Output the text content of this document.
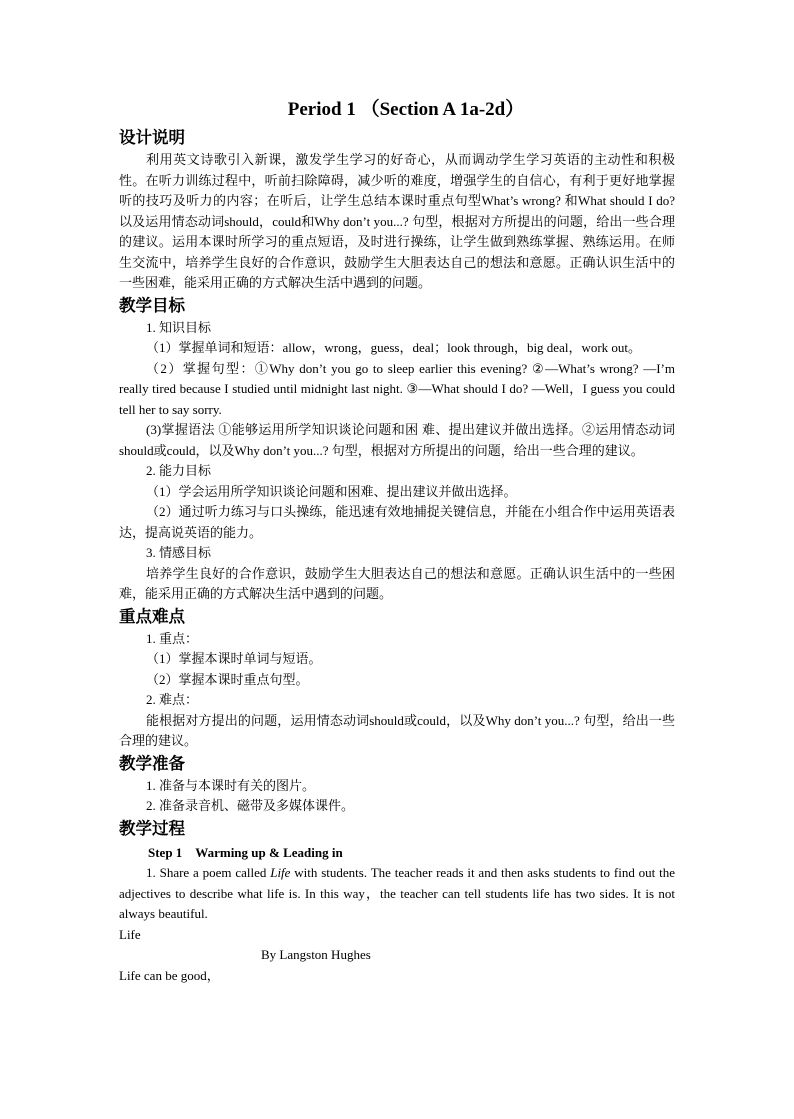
Period 1 （Section A 1a-2d）

设计说明

利用英文诗歌引入新课，激发学生学习的好奇心，从而调动学生学习英语的主动性和积极性。在听力训练过程中，听前扫除障碍，减少听的难度，增强学生的自信心，有利于更好地掌握听的技巧及听力的内容；在听后，让学生总结本课时重点句型What’s wrong? 和What should I do? 以及运用情态动词should，could和Why don’t you...? 句型，根据对方所提出的问题，给出一些合理的建议。运用本课时所学习的重点短语，及时进行操练，让学生做到熟练掌握、熟练运用。在师生交流中，培养学生良好的合作意识，鼓励学生大胆表达自己的想法和意愿。正确认识生活中的一些困难，能采用正确的方式解决生活中遇到的问题。

教学目标

1. 知识目标

（1）掌握单词和短语：allow，wrong，guess，deal；look through，big deal，work out。

（2）掌握句型：①Why don’t you go to sleep earlier this evening? ②—What’s wrong? —I’m really tired because I studied until midnight last night. ③—What should I do? —Well，I guess you could tell her to say sorry.

(3)掌握语法 ①能够运用所学知识谈论问题和困 难、提出建议并做出选择。②运用情态动词should或could，以及Why don’t you...? 句型，根据对方所提出的问题，给出一些合理的建议。

2. 能力目标

（1）学会运用所学知识谈论问题和困难、提出建议并做出选择。

（2）通过听力练习与口头操练，能迅速有效地捕捉关键信息，并能在小组合作中运用英语表达，提高说英语的能力。

3. 情感目标

培养学生良好的合作意识，鼓励学生大胆表达自己的想法和意愿。正确认识生活中的一些困难，能采用正确的方式解决生活中遇到的问题。

重点难点

1. 重点：

（1）掌握本课时单词与短语。

（2）掌握本课时重点句型。

2. 难点：

能根据对方提出的问题，运用情态动词should或could，以及Why don’t you...? 句型，给出一些合理的建议。

教学准备

1. 准备与本课时有关的图片。

2. 准备录音机、磁带及多媒体课件。

教学过程

Step 1　Warming up & Leading in

1. Share a poem called Life with students. The teacher reads it and then asks students to find out the adjectives to describe what life is. In this way，the teacher can tell students life has two sides. It is not always beautiful.

Life

By Langston Hughes

Life can be good，
